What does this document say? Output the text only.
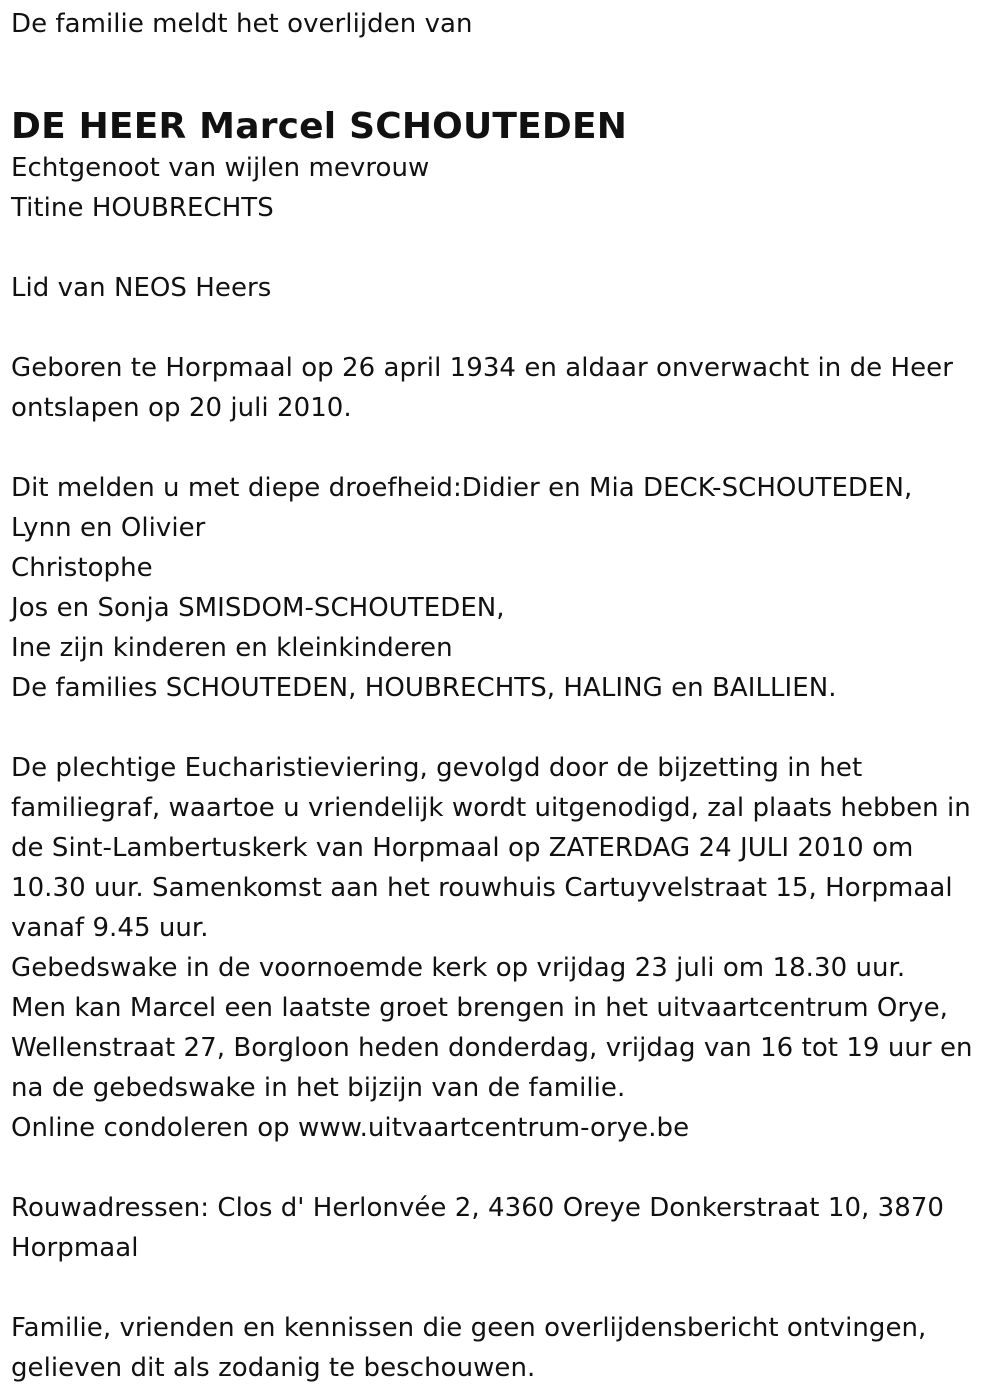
De familie meldt het overlijden van

DE HEER Marcel SCHOUTEDEN

Echtgenoot van wijlen mevrouw

Titine HOUBRECHTS

Lid van NEOS Heers

Geboren te Horpmaal op 26 april 1934 en aldaar onverwacht in de Heer

ontslapen op 20 juli 2010.

Dit melden u met diepe droefheid:Didier en Mia DECK-SCHOUTEDEN,

Lynn en Olivier

Christophe

Jos en Sonja SMISDOM-SCHOUTEDEN,

Ine zijn kinderen en kleinkinderen

De families SCHOUTEDEN, HOUBRECHTS, HALING en BAILLIEN.

De plechtige Eucharistieviering, gevolgd door de bijzetting in het

familiegraf, waartoe u vriendelijk wordt uitgenodigd, zal plaats hebben in

de Sint-Lambertuskerk van Horpmaal op ZATERDAG 24 JULI 2010 om

10.30 uur. Samenkomst aan het rouwhuis Cartuyvelstraat 15, Horpmaal

vanaf 9.45 uur.

Gebedswake in de voornoemde kerk op vrijdag 23 juli om 18.30 uur.

Men kan Marcel een laatste groet brengen in het uitvaartcentrum Orye,

Wellenstraat 27, Borgloon heden donderdag, vrijdag van 16 tot 19 uur en

na de gebedswake in het bijzijn van de familie.

Online condoleren op www.uitvaartcentrum-orye.be

Rouwadressen: Clos d' Herlonvée 2, 4360 Oreye Donkerstraat 10, 3870

Horpmaal

Familie, vrienden en kennissen die geen overlijdensbericht ontvingen,

gelieven dit als zodanig te beschouwen.
